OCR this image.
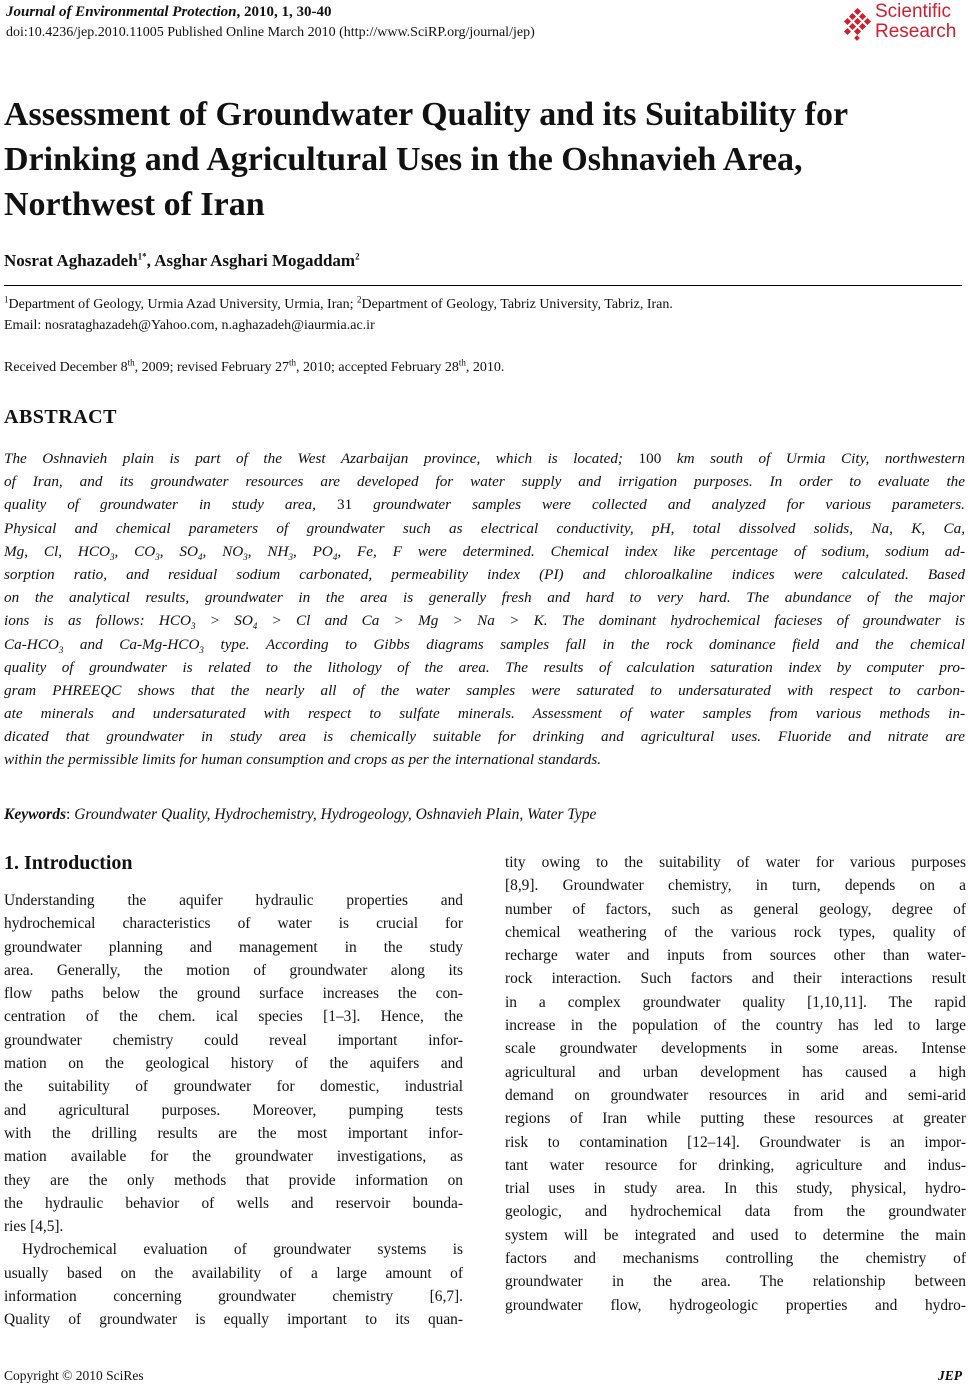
Journal of Environmental Protection, 2010, 1, 30-40
doi:10.4236/jep.2010.11005 Published Online March 2010 (http://www.SciRP.org/journal/jep)
Scientific
Research
Assessment of Groundwater Quality and its Suitability for Drinking and Agricultural Uses in the Oshnavieh Area, Northwest of Iran
Nosrat Aghazadeh$^{1*}$, Asghar Asghari Mogaddam$^2$
$^1$Department of Geology, Urmia Azad University, Urmia, Iran; $^2$Department of Geology, Tabriz University, Tabriz, Iran.
Email: nosrataghazadeh@Yahoo.com, n.aghazadeh@iaurmia.ac.ir
Received December 8th, 2009; revised February 27th, 2010; accepted February 28th, 2010.
ABSTRACT
The Oshnavieh plain is part of the West Azarbaijan province, which is located; 100 km south of Urmia City, northwestern
of Iran, and its groundwater resources are developed for water supply and irrigation purposes. In order to evaluate the
quality of groundwater in study area, 31 groundwater samples were collected and analyzed for various parameters.
Physical and chemical parameters of groundwater such as electrical conductivity, pH, total dissolved solids, Na, K, Ca,
Mg, Cl, $HCO_3$, $CO_3$, $SO_4$, $NO_3$, $NH_3$, $PO_4$, Fe, F were determined. Chemical index like percentage of sodium, sodium ad-
sorption ratio, and residual sodium carbonated, permeability index (PI) and chloroalkaline indices were calculated. Based
on the analytical results, groundwater in the area is generally fresh and hard to very hard. The abundance of the major
ions is as follows: $HCO_3 > SO_4 > Cl$ and Ca > Mg > Na > K. The dominant hydrochemical facieses of groundwater is
$Ca-HCO_3$ and $Ca-Mg-HCO_3$ type. According to Gibbs diagrams samples fall in the rock dominance field and the chemical
quality of groundwater is related to the lithology of the area. The results of calculation saturation index by computer pro-
gram PHREEQC shows that the nearly all of the water samples were saturated to undersaturated with respect to carbon-
ate minerals and undersaturated with respect to sulfate minerals. Assessment of water samples from various methods in-
dicated that groundwater in study area is chemically suitable for drinking and agricultural uses. Fluoride and nitrate are
within the permissible limits for human consumption and crops as per the international standards.
Keywords: Groundwater Quality, Hydrochemistry, Hydrogeology, Oshnavieh Plain, Water Type
1. Introduction
Understanding the aquifer hydraulic properties and
hydrochemical characteristics of water is crucial for
groundwater planning and management in the study
area. Generally, the motion of groundwater along its
flow paths below the ground surface increases the con-
centration of the chem. ical species [1–3]. Hence, the
groundwater chemistry could reveal important infor-
mation on the geological history of the aquifers and
the suitability of groundwater for domestic, industrial
and agricultural purposes. Moreover, pumping tests
with the drilling results are the most important infor-
mation available for the groundwater investigations, as
they are the only methods that provide information on
the hydraulic behavior of wells and reservoir bounda-
ries [4,5].
Hydrochemical evaluation of groundwater systems is
usually based on the availability of a large amount of
information concerning groundwater chemistry [6,7].
Quality of groundwater is equally important to its quan-
tity owing to the suitability of water for various purposes
[8,9]. Groundwater chemistry, in turn, depends on a
number of factors, such as general geology, degree of
chemical weathering of the various rock types, quality of
recharge water and inputs from sources other than water-
rock interaction. Such factors and their interactions result
in a complex groundwater quality [1,10,11]. The rapid
increase in the population of the country has led to large
scale groundwater developments in some areas. Intense
agricultural and urban development has caused a high
demand on groundwater resources in arid and semi-arid
regions of Iran while putting these resources at greater
risk to contamination [12–14]. Groundwater is an impor-
tant water resource for drinking, agriculture and indus-
trial uses in study area. In this study, physical, hydro-
geologic, and hydrochemical data from the groundwater
system will be integrated and used to determine the main
factors and mechanisms controlling the chemistry of
groundwater in the area. The relationship between
groundwater flow, hydrogeologic properties and hydro-
Copyright © 2010 SciRes	JEP
